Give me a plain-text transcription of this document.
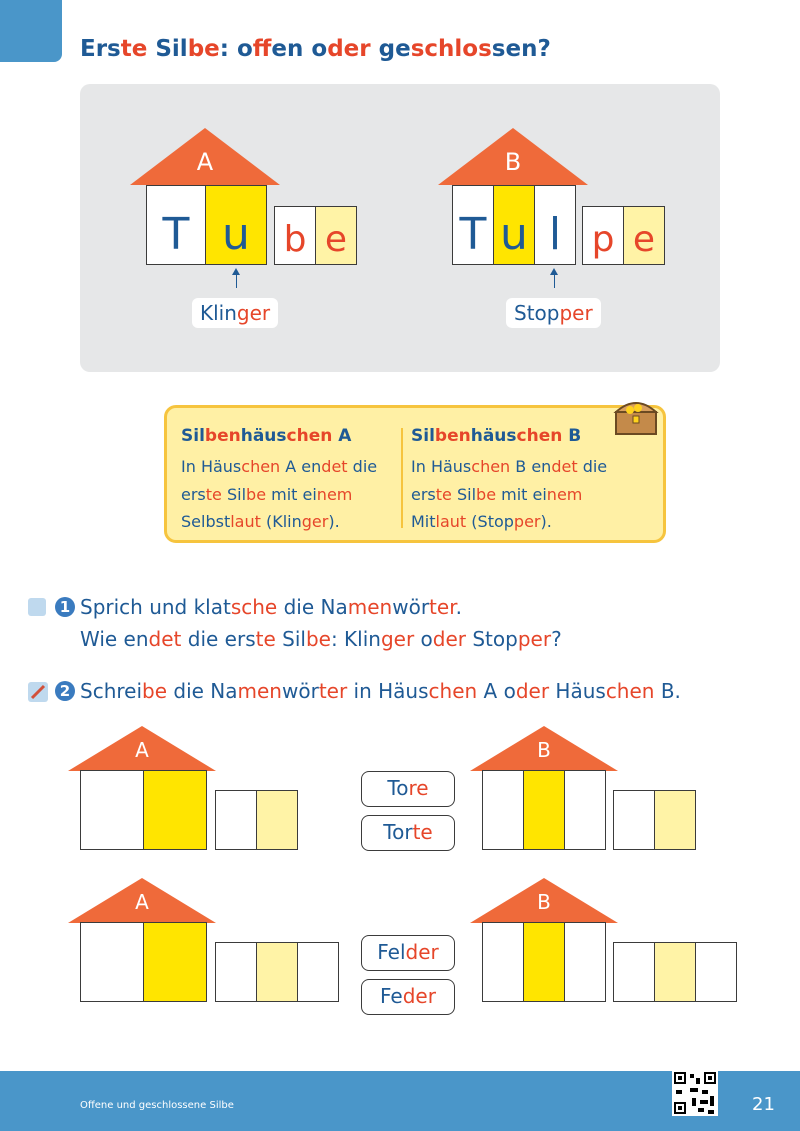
Erste Silbe: offen oder geschlossen?
A
T u b e
Klinger
B
T u l p e
Stopper
Silbenhäuschen A
In Häuschen A endet die
erste Silbe mit einem
Selbstlaut (Klinger).
Silbenhäuschen B
In Häuschen B endet die
erste Silbe mit einem
Mitlaut (Stopper).
1 Sprich und klatsche die Namenwörter.
Wie endet die erste Silbe: Klinger oder Stopper?
2 Schreibe die Namenwörter in Häuschen A oder Häuschen B.
A	B
A	B
Tore
Torte
Felder
Feder
Offene und geschlossene Silbe	21
